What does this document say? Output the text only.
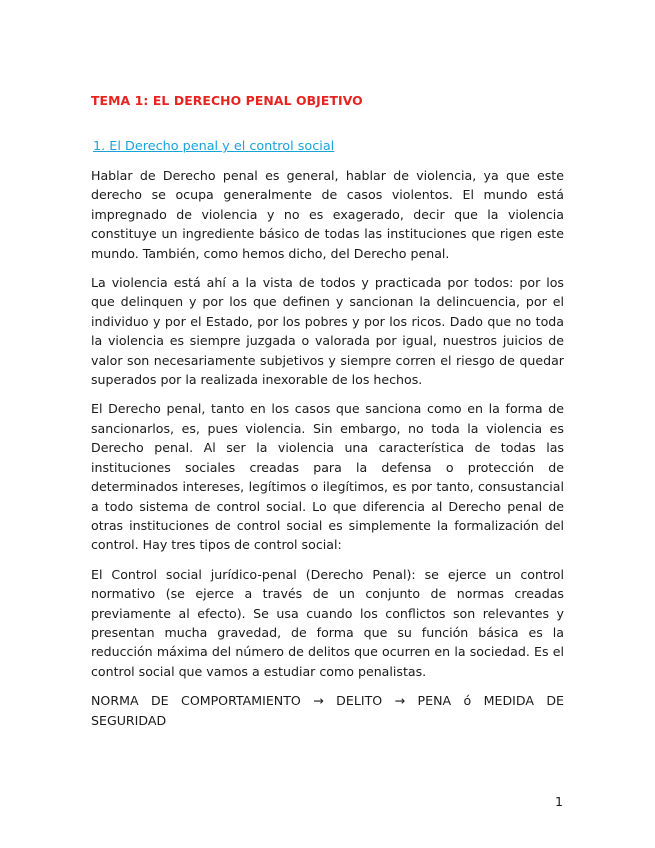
TEMA 1: EL DERECHO PENAL OBJETIVO
1. El Derecho penal y el control social

Hablar de Derecho penal es general, hablar de violencia, ya que este derecho se ocupa generalmente de casos violentos. El mundo está impregnado de violencia y no es exagerado, decir que la violencia constituye un ingrediente básico de todas las instituciones que rigen este mundo. También, como hemos dicho, del Derecho penal.

La violencia está ahí a la vista de todos y practicada por todos: por los que delinquen y por los que definen y sancionan la delincuencia, por el individuo y por el Estado, por los pobres y por los ricos. Dado que no toda la violencia es siempre juzgada o valorada por igual, nuestros juicios de valor son necesariamente subjetivos y siempre corren el riesgo de quedar superados por la realizada inexorable de los hechos.

El Derecho penal, tanto en los casos que sanciona como en la forma de sancionarlos, es, pues violencia. Sin embargo, no toda la violencia es Derecho penal. Al ser la violencia una característica de todas las instituciones sociales creadas para la defensa o protección de determinados intereses, legítimos o ilegítimos, es por tanto, consustancial a todo sistema de control social. Lo que diferencia al Derecho penal de otras instituciones de control social es simplemente la formalización del control. Hay tres tipos de control social:

El Control social jurídico-penal (Derecho Penal): se ejerce un control normativo (se ejerce a través de un conjunto de normas creadas previamente al efecto). Se usa cuando los conflictos son relevantes y presentan mucha gravedad, de forma que su función básica es la reducción máxima del número de delitos que ocurren en la sociedad. Es el control social que vamos a estudiar como penalistas.

NORMA DE COMPORTAMIENTO → DELITO → PENA ó MEDIDA DE SEGURIDAD

1
